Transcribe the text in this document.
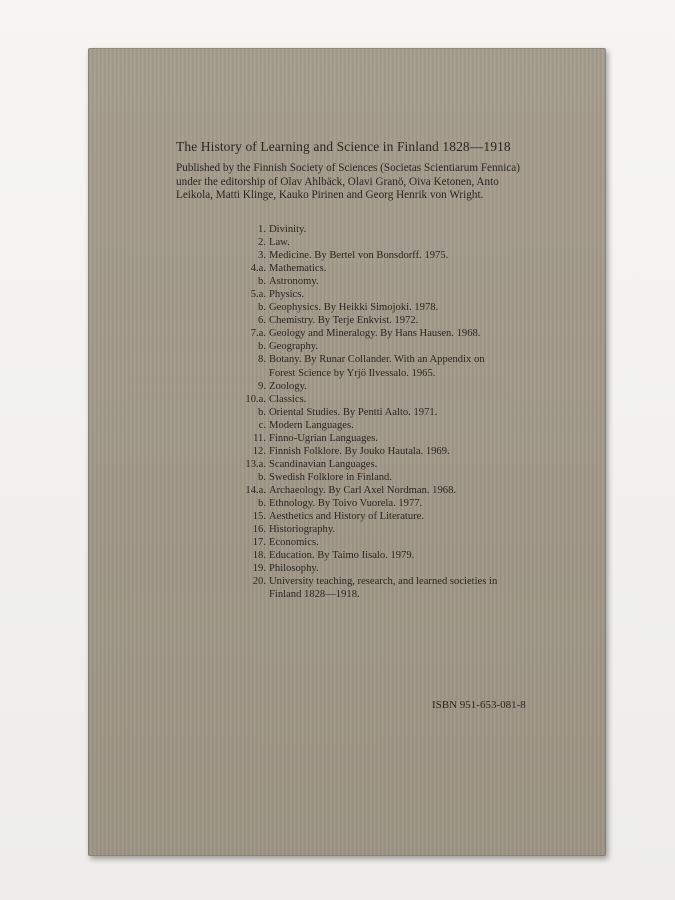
The History of Learning and Science in Finland 1828—1918
Published by the Finnish Society of Sciences (Societas Scientiarum Fennica)
under the editorship of Olav Ahlbäck, Olavi Granö, Oiva Ketonen, Anto
Leikola, Matti Klinge, Kauko Pirinen and Georg Henrik von Wright.
1. Divinity.
2. Law.
3. Medicine. By Bertel von Bonsdorff. 1975.
4.a. Mathematics.
b. Astronomy.
5.a. Physics.
b. Geophysics. By Heikki Simojoki. 1978.
6. Chemistry. By Terje Enkvist. 1972.
7.a. Geology and Mineralogy. By Hans Hausen. 1968.
b. Geography.
8. Botany. By Runar Collander. With an Appendix on
Forest Science by Yrjö Ilvessalo. 1965.
9. Zoology.
10.a. Classics.
b. Oriental Studies. By Pentti Aalto. 1971.
c. Modern Languages.
11. Finno-Ugrian Languages.
12. Finnish Folklore. By Jouko Hautala. 1969.
13.a. Scandinavian Languages.
b. Swedish Folklore in Finland.
14.a. Archaeology. By Carl Axel Nordman. 1968.
b. Ethnology. By Toivo Vuorela. 1977.
15. Aesthetics and History of Literature.
16. Historiography.
17. Economics.
18. Education. By Taimo Iisalo. 1979.
19. Philosophy.
20. University teaching, research, and learned societies in
Finland 1828—1918.
ISBN 951-653-081-8
